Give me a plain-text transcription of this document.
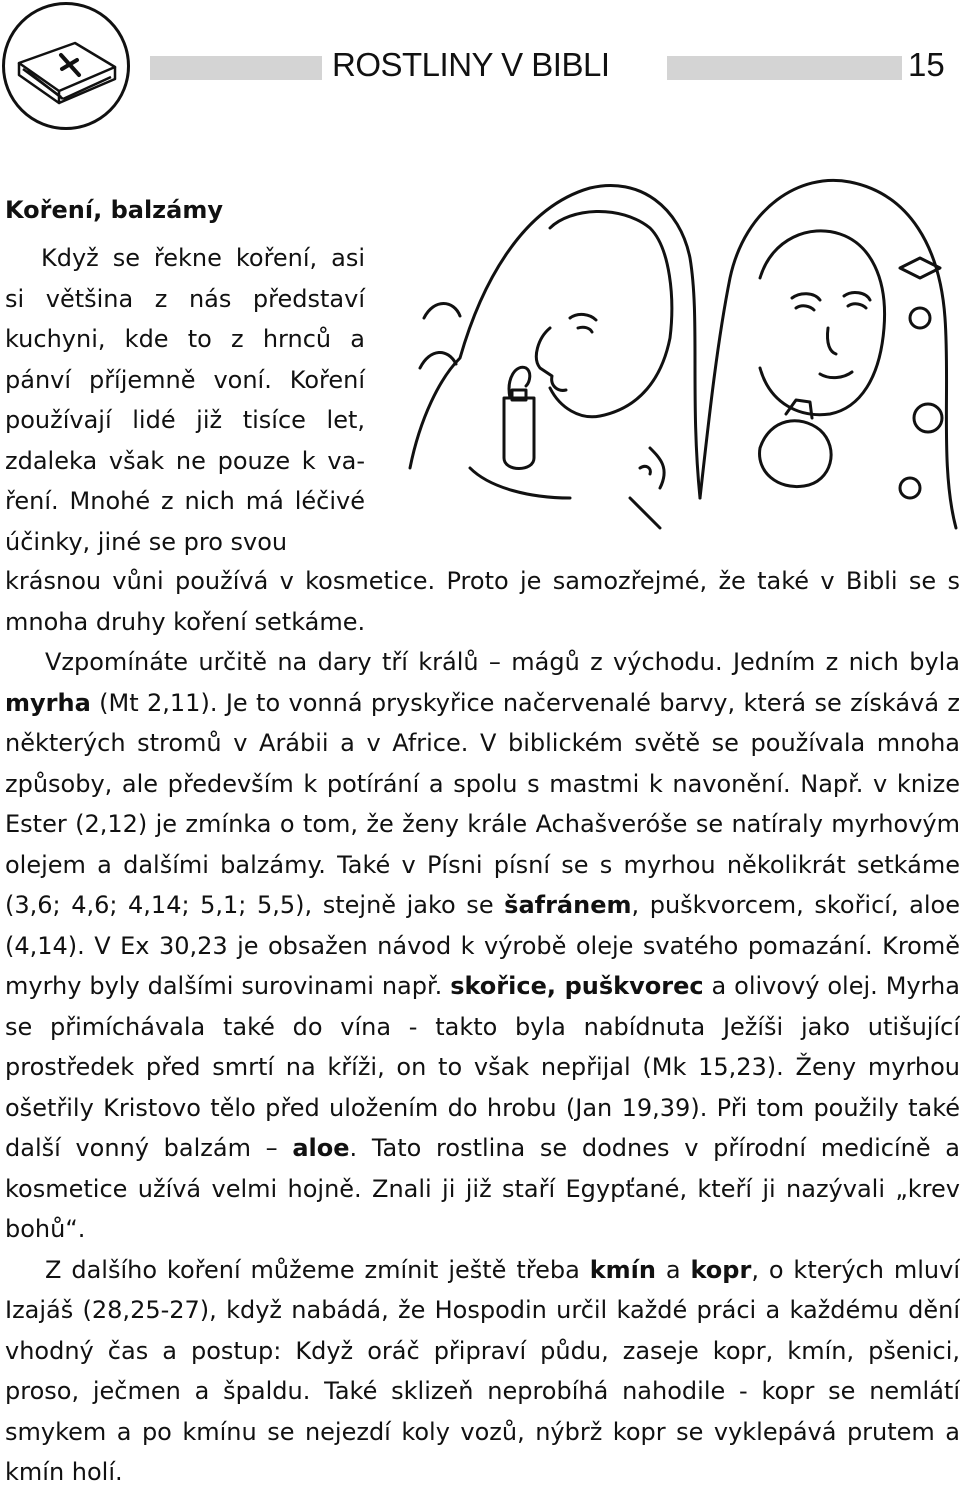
ROSTLINY V BIBLI	15
Koření, balzámy

Když se řekne koření, asi si většina z nás představí kuchyni, kde to z hrnců a pánví příjemně voní. Koření používají lidé již tisíce let, zdaleka však ne pouze k vaření. Mnohé z nich má léčivé účinky, jiné se pro svou

krásnou vůni používá v kosmetice. Proto je samozřejmé, že také v Bibli se s mnoha druhy koření setkáme.

Vzpomínáte určitě na dary tří králů – mágů z východu. Jedním z nich byla myrha (Mt 2,11). Je to vonná pryskyřice načervenalé barvy, která se získává z některých stromů v Arábii a v Africe. V biblickém světě se používala mnoha způsoby, ale především k potírání a spolu s mastmi k navonění. Např. v knize Ester (2,12) je zmínka o tom, že ženy krále Achašveróše se natíraly myrhovým olejem a dalšími balzámy. Také v Písni písní se s myrhou několikrát setkáme (3,6; 4,6; 4,14; 5,1; 5,5), stejně jako se šafránem, puškvorcem, skořicí, aloe (4,14). V Ex 30,23 je obsažen návod k výrobě oleje svatého pomazání. Kromě myrhy byly dalšími surovinami např. skořice, puškvorec a olivový olej. Myrha se přimíchávala také do vína - takto byla nabídnuta Ježíši jako utišující prostředek před smrtí na kříži, on to však nepřijal (Mk 15,23). Ženy myrhou ošetřily Kristovo tělo před uložením do hrobu (Jan 19,39). Při tom použily také další vonný balzám – aloe. Tato rostlina se dodnes v přírodní medicíně a kosmetice užívá velmi hojně. Znali ji již staří Egypťané, kteří ji nazývali „krev bohů“.

Z dalšího koření můžeme zmínit ještě třeba kmín a kopr, o kterých mluví Izajáš (28,25-27), když nabádá, že Hospodin určil každé práci a každému dění vhodný čas a postup: Když oráč připraví půdu, zaseje kopr, kmín, pšenici, proso, ječmen a špaldu. Také sklizeň neprobíhá nahodile - kopr se nemlátí smykem a po kmínu se nejezdí koly vozů, nýbrž kopr se vyklepává prutem a kmín holí.
